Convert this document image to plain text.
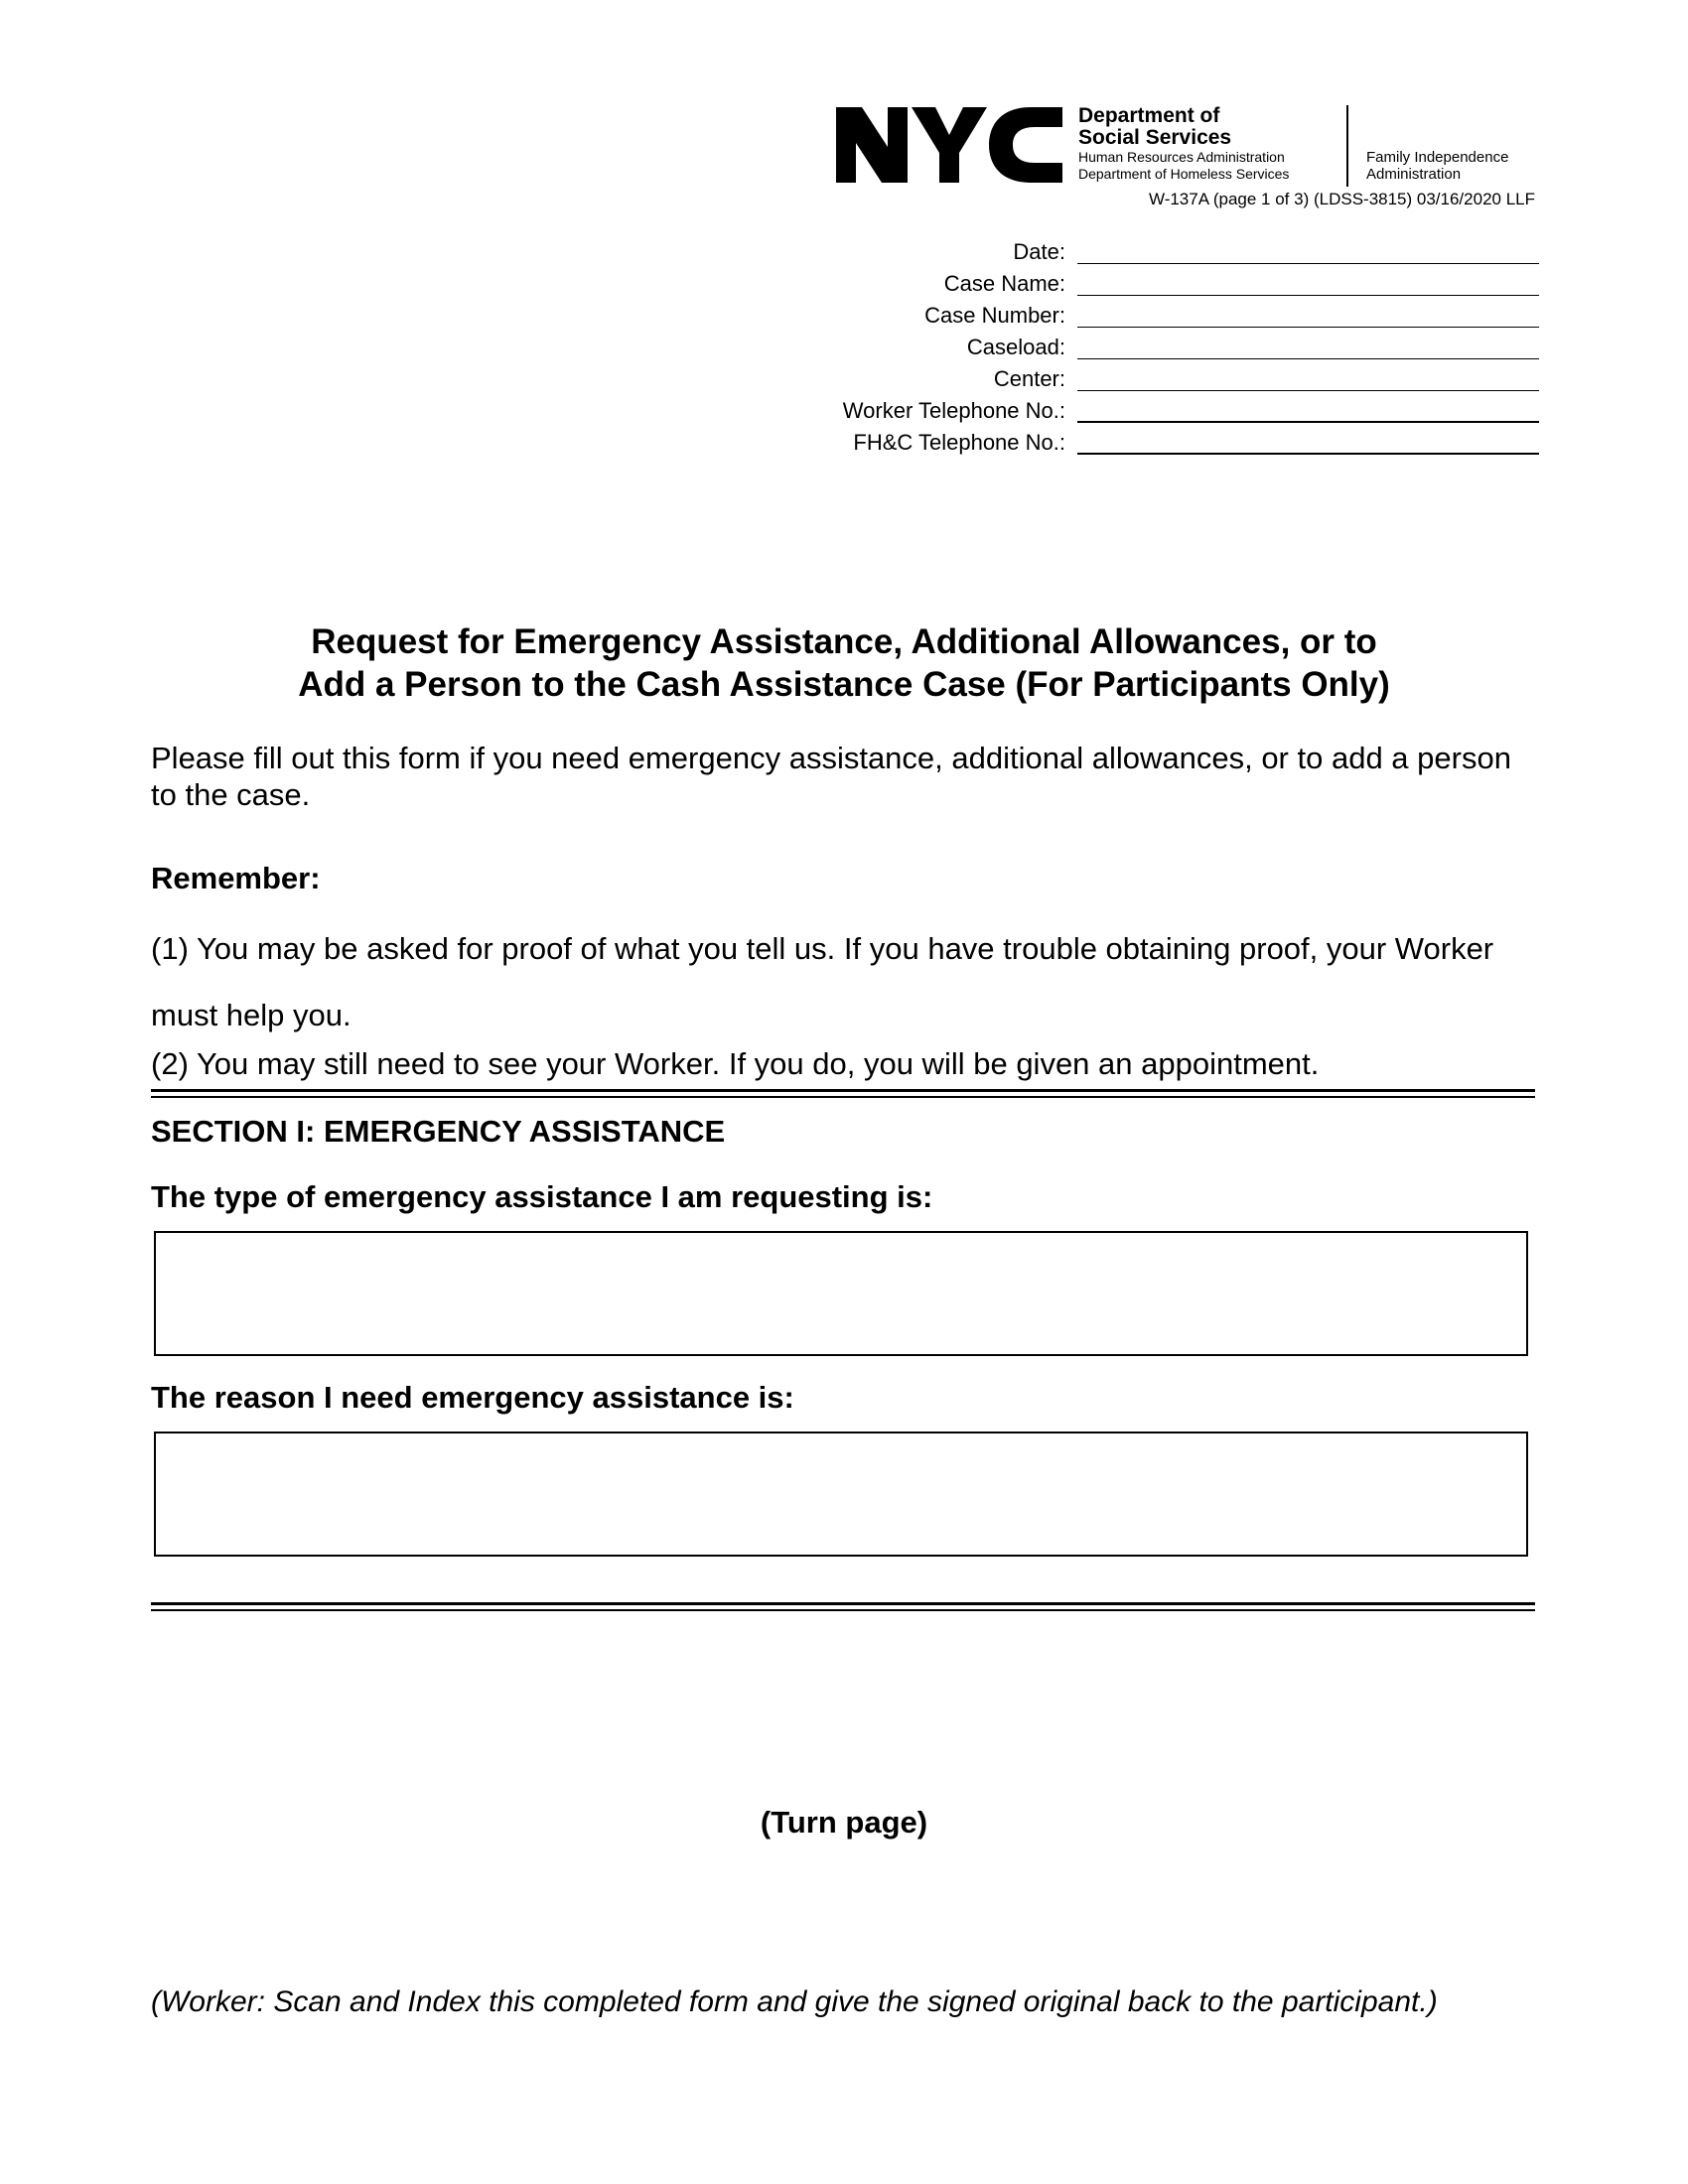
Department of
Social Services
Human Resources Administration
Department of Homeless Services
Family Independence
Administration
W-137A (page 1 of 3) (LDSS-3815) 03/16/2020 LLF
Date:
Case Name:
Case Number:
Caseload:
Center:
Worker Telephone No.:
FH&C Telephone No.:
Request for Emergency Assistance, Additional Allowances, or to
Add a Person to the Cash Assistance Case (For Participants Only)
Please fill out this form if you need emergency assistance, additional allowances, or to add a person to the case.
Remember:
(1) You may be asked for proof of what you tell us. If you have trouble obtaining proof, your Worker must help you.
(2) You may still need to see your Worker. If you do, you will be given an appointment.
SECTION I: EMERGENCY ASSISTANCE
The type of emergency assistance I am requesting is:
The reason I need emergency assistance is:
(Turn page)
(Worker: Scan and Index this completed form and give the signed original back to the participant.)
